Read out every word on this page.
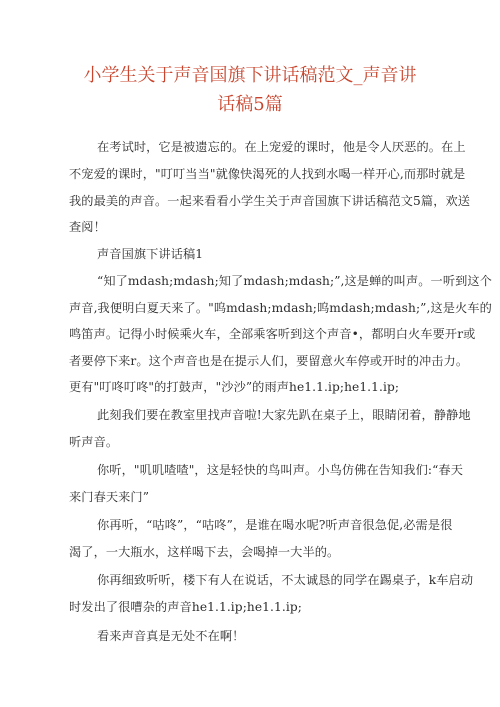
小学生关于声音国旗下讲话稿范文_声音讲
话稿5篇
在考试时，它是被遗忘的。在上宠爱的课时，他是令人厌恶的。在上
不宠爱的课时，"叮叮当当"就像快渴死的人找到水喝一样开心,而那时就是
我的最美的声音。一起来看看小学生关于声音国旗下讲话稿范文5篇，欢送
查阅！
声音国旗下讲话稿1
“知了mdash;mdash;知了mdash;mdash;”,这是蝉的叫声。一听到这个
声音,我便明白夏天来了。"呜mdash;mdash;呜mdash;mdash;”,这是火车的
鸣笛声。记得小时候乘火车，全部乘客听到这个声音•，都明白火车要开r或
者要停下来r。这个声音也是在提示人们，要留意火车停或开时的冲击力。
更有"叮咚叮咚"的打鼓声，"沙沙”的雨声he1.1.ip;he1.1.ip;
此刻我们要在教室里找声音啦!大家先趴在桌子上，眼睛闭着，静静地
听声音。
你听，"叽叽喳喳"，这是轻快的鸟叫声。小鸟仿佛在告知我们:“春天
来门春天来门”
你再听，“咕咚”，“咕咚”，是谁在喝水呢?听声音很急促,必需是很
渴了，一大瓶水，这样喝下去，会喝掉一大半的。
你再细致听听，楼下有人在说话，不太诚恳的同学在踢桌子，k车启动
时发出了很嘈杂的声音he1.1.ip;he1.1.ip;
看来声音真是无处不在啊！
